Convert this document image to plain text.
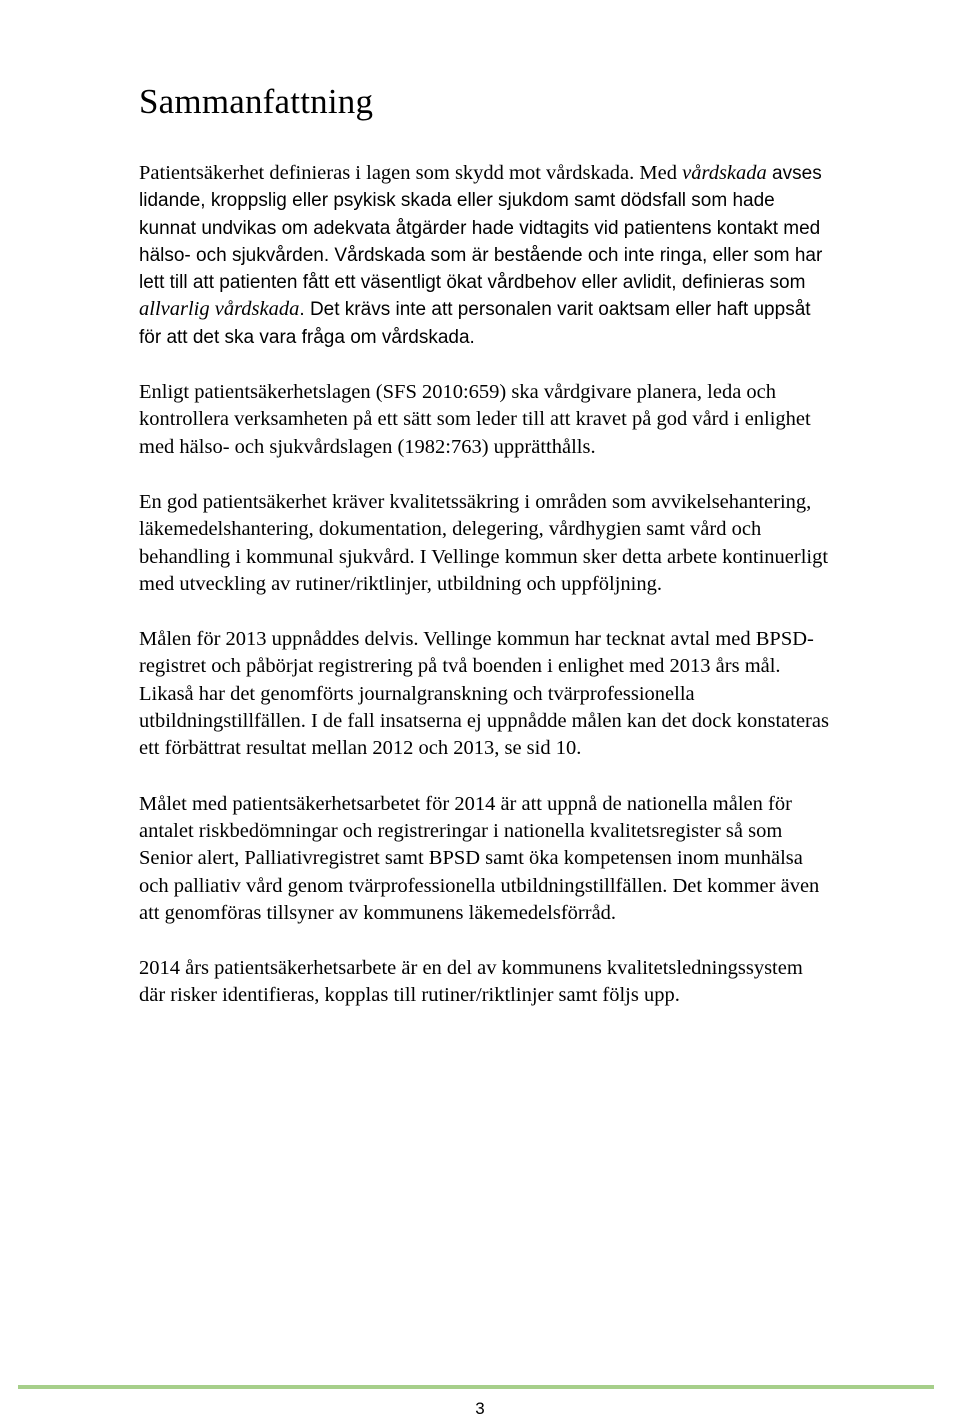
Sammanfattning

Patientsäkerhet definieras i lagen som skydd mot vårdskada. Med vårdskada avses lidande, kroppslig eller psykisk skada eller sjukdom samt dödsfall som hade kunnat undvikas om adekvata åtgärder hade vidtagits vid patientens kontakt med hälso- och sjukvården. Vårdskada som är bestående och inte ringa, eller som har lett till att patienten fått ett väsentligt ökat vårdbehov eller avlidit, definieras som allvarlig vårdskada. Det krävs inte att personalen varit oaktsam eller haft uppsåt för att det ska vara fråga om vårdskada.

Enligt patientsäkerhetslagen (SFS 2010:659) ska vårdgivare planera, leda och kontrollera verksamheten på ett sätt som leder till att kravet på god vård i enlighet med hälso- och sjukvårdslagen (1982:763) upprätthålls.

En god patientsäkerhet kräver kvalitetssäkring i områden som avvikelsehantering, läkemedelshantering, dokumentation, delegering, vårdhygien samt vård och behandling i kommunal sjukvård. I Vellinge kommun sker detta arbete kontinuerligt med utveckling av rutiner/riktlinjer, utbildning och uppföljning.

Målen för 2013 uppnåddes delvis. Vellinge kommun har tecknat avtal med BPSD-registret och påbörjat registrering på två boenden i enlighet med 2013 års mål. Likaså har det genomförts journalgranskning och tvärprofessionella utbildningstillfällen. I de fall insatserna ej uppnådde målen kan det dock konstateras ett förbättrat resultat mellan 2012 och 2013, se sid 10.

Målet med patientsäkerhetsarbetet för 2014 är att uppnå de nationella målen för antalet riskbedömningar och registreringar i nationella kvalitetsregister så som Senior alert, Palliativregistret samt BPSD samt öka kompetensen inom munhälsa och palliativ vård genom tvärprofessionella utbildningstillfällen. Det kommer även att genomföras tillsyner av kommunens läkemedelsförråd.

2014 års patientsäkerhetsarbete är en del av kommunens kvalitetsledningssystem där risker identifieras, kopplas till rutiner/riktlinjer samt följs upp.

3
